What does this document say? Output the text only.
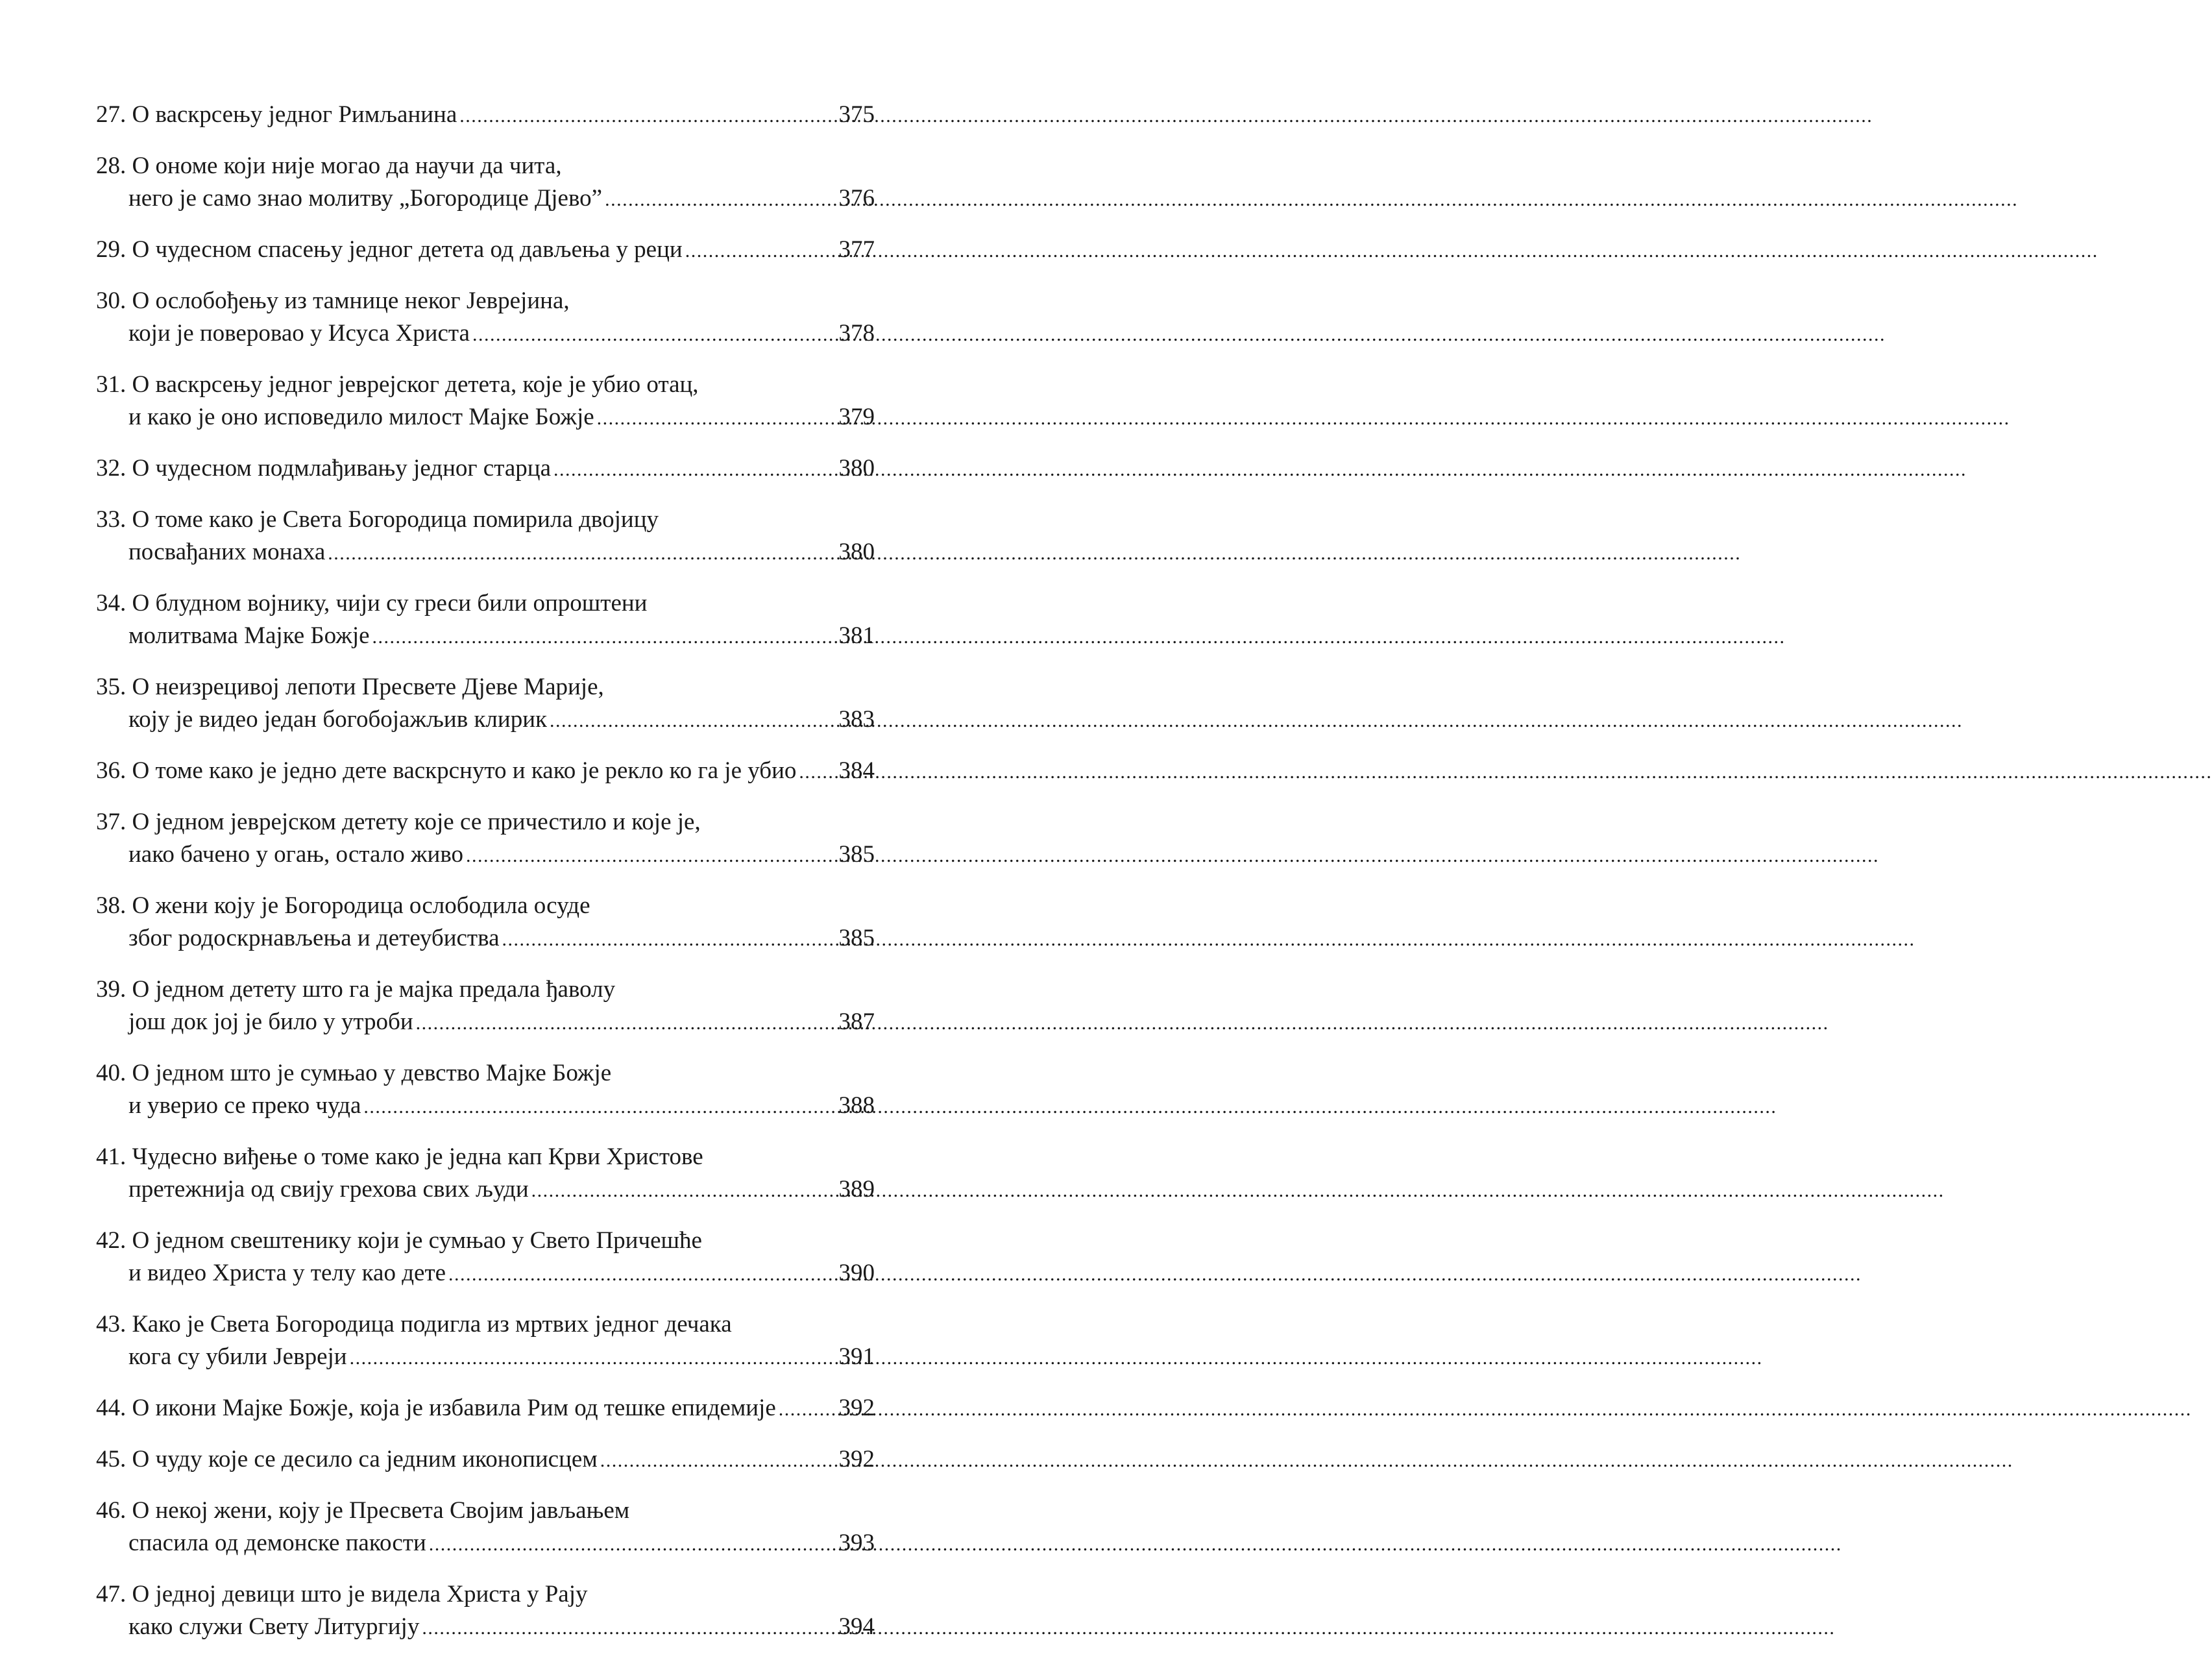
27.
О васкрсењу једног Римљанина .....	375
28.
О ономе који није могао да научи да чита,
него је само знао молитву „Богородице Дјево” .....	376
29.
О чудесном спасењу једног детета од дављења у реци .....	377
30.
О ослобођењу из тамнице неког Јеврејина,
који је поверовао у Исуса Христа .....	378
31.
О васкрсењу једног јеврејског детета, које је убио отац,
и како је оно исповедило милост Мајке Божје .....	379
32.
О чудесном подмлађивању једног старца .....	380
33.
О томе како је Света Богородица помирила двојицу
посвађаних монаха .....	380
34.
О блудном војнику, чији су греси били опроштени
молитвама Мајке Божје .....	381
35.
О неизрецивој лепоти Пресвете Дјеве Марије,
коју је видео један богобојажљив клирик .....	383
36.
О томе како је једно дете васкрснуто и како је рекло ко га је убио ..... 384
37.
О једном јеврејском детету које се причестило и које је,
иако бачено у огањ, остало живо .....	385
38.
О жени коју је Богородица ослободила осуде
због родоскрнављења и детеубиства .....	385
39.
О једном детету што га је мајка предала ђаволу
још док јој је било у утроби .....	387
40.
О једном што је сумњао у девство Мајке Божје
и уверио се преко чуда .....	388
41.
Чудесно виђење о томе како је једна кап Крви Христове
претежнија од свију грехова свих људи .....	389
42.
О једном свештенику који је сумњао у Свето Причешће
и видео Христа у телу као дете .....	390
43.
Како је Света Богородица подигла из мртвих једног дечака
кога су убили Јевреји .....	391
44.
О икони Мајке Божје, која је избавила Рим од тешке епидемије .....	392
45.
О чуду које се десило са једним иконописцем .....	392
46.
О некој жени, коју је Пресвета Својим јављањем
спасила од демонске пакости .....	393
47.
О једној девици што је видела Христа у Рају
како служи Свету Литургију .....	394
